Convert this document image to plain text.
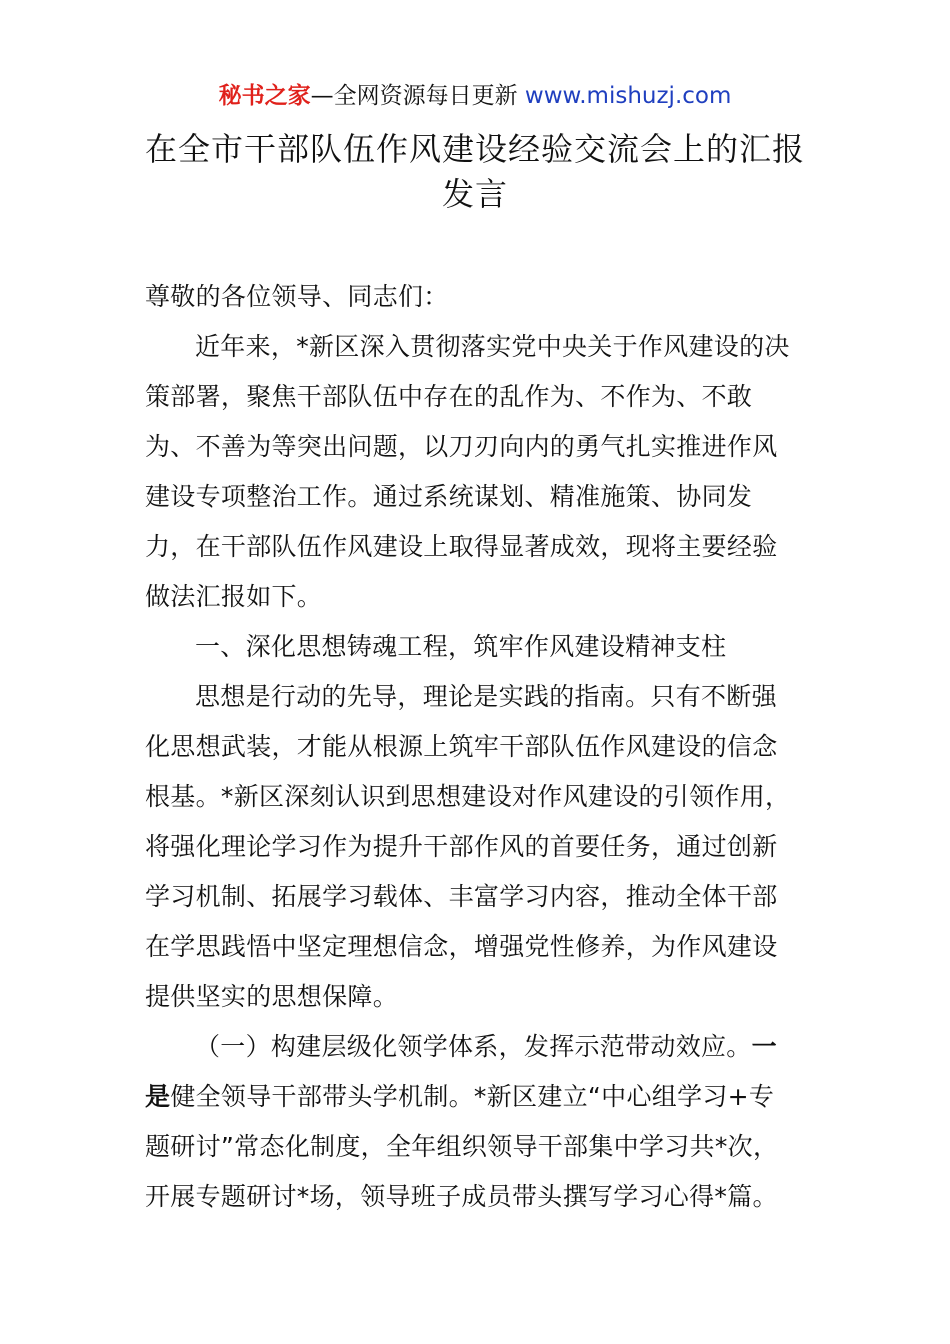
秘书之家—全网资源每日更新 www.mishuzj.com
在全市干部队伍作风建设经验交流会上的汇报
发言
尊敬的各位领导、同志们：
近年来，*新区深入贯彻落实党中央关于作风建设的决
策部署，聚焦干部队伍中存在的乱作为、不作为、不敢
为、不善为等突出问题，以刀刃向内的勇气扎实推进作风
建设专项整治工作。通过系统谋划、精准施策、协同发
力，在干部队伍作风建设上取得显著成效，现将主要经验
做法汇报如下。
一、深化思想铸魂工程，筑牢作风建设精神支柱
思想是行动的先导，理论是实践的指南。只有不断强
化思想武装，才能从根源上筑牢干部队伍作风建设的信念
根基。*新区深刻认识到思想建设对作风建设的引领作用，
将强化理论学习作为提升干部作风的首要任务，通过创新
学习机制、拓展学习载体、丰富学习内容，推动全体干部
在学思践悟中坚定理想信念，增强党性修养，为作风建设
提供坚实的思想保障。
（一）构建层级化领学体系，发挥示范带动效应。一
是健全领导干部带头学机制。*新区建立“中心组学习+专
题研讨”常态化制度，全年组织领导干部集中学习共*次，
开展专题研讨*场，领导班子成员带头撰写学习心得*篇。
